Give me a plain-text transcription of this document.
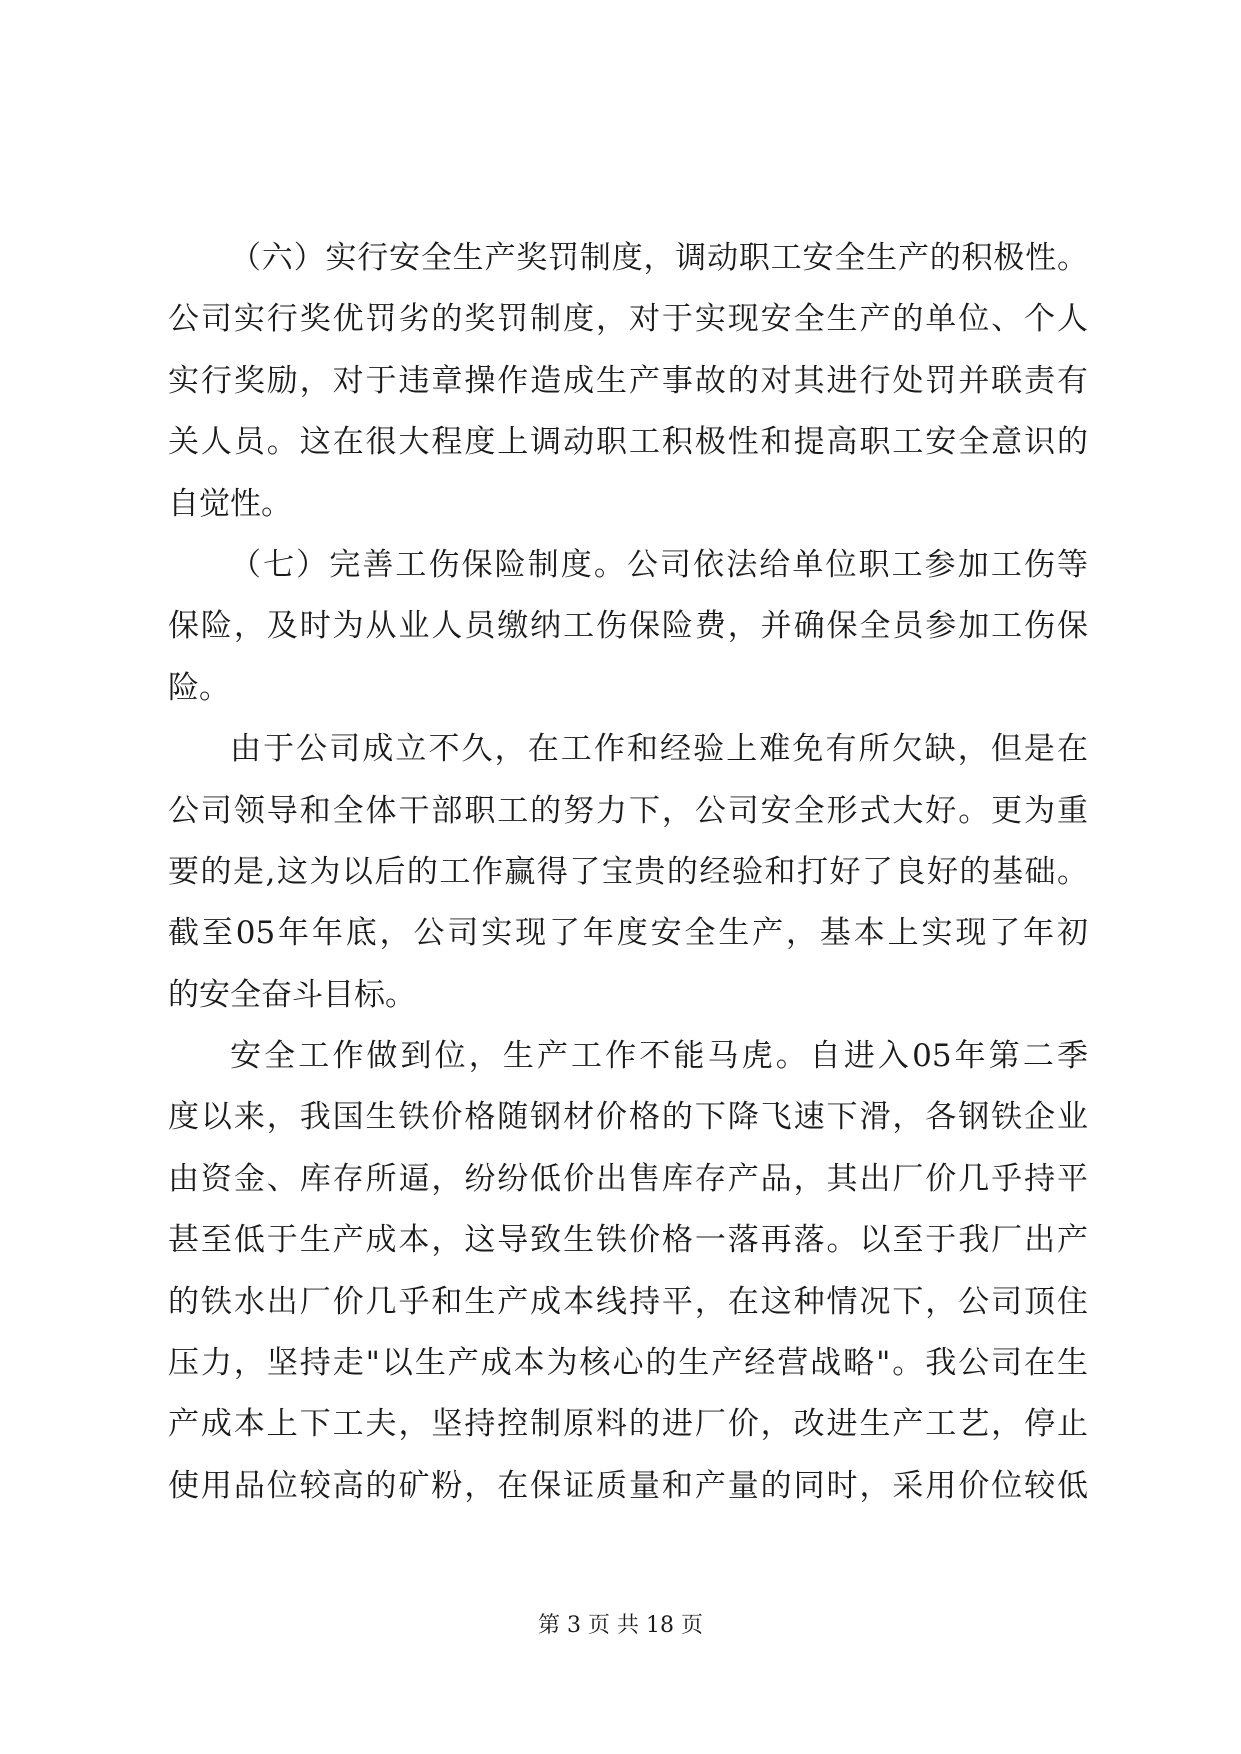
（六）实行安全生产奖罚制度，调动职工安全生产的积极性。
公司实行奖优罚劣的奖罚制度，对于实现安全生产的单位、个人
实行奖励，对于违章操作造成生产事故的对其进行处罚并联责有
关人员。这在很大程度上调动职工积极性和提高职工安全意识的
自觉性。
（七）完善工伤保险制度。公司依法给单位职工参加工伤等
保险，及时为从业人员缴纳工伤保险费，并确保全员参加工伤保
险。
由于公司成立不久，在工作和经验上难免有所欠缺，但是在
公司领导和全体干部职工的努力下，公司安全形式大好。更为重
要的是,这为以后的工作赢得了宝贵的经验和打好了良好的基础。
截至05年年底，公司实现了年度安全生产，基本上实现了年初
的安全奋斗目标。
安全工作做到位，生产工作不能马虎。自进入05年第二季
度以来，我国生铁价格随钢材价格的下降飞速下滑，各钢铁企业
由资金、库存所逼，纷纷低价出售库存产品，其出厂价几乎持平
甚至低于生产成本，这导致生铁价格一落再落。以至于我厂出产
的铁水出厂价几乎和生产成本线持平，在这种情况下，公司顶住
压力，坚持走"以生产成本为核心的生产经营战略"。我公司在生
产成本上下工夫，坚持控制原料的进厂价，改进生产工艺，停止
使用品位较高的矿粉，在保证质量和产量的同时，采用价位较低
第 3 页 共 18 页
